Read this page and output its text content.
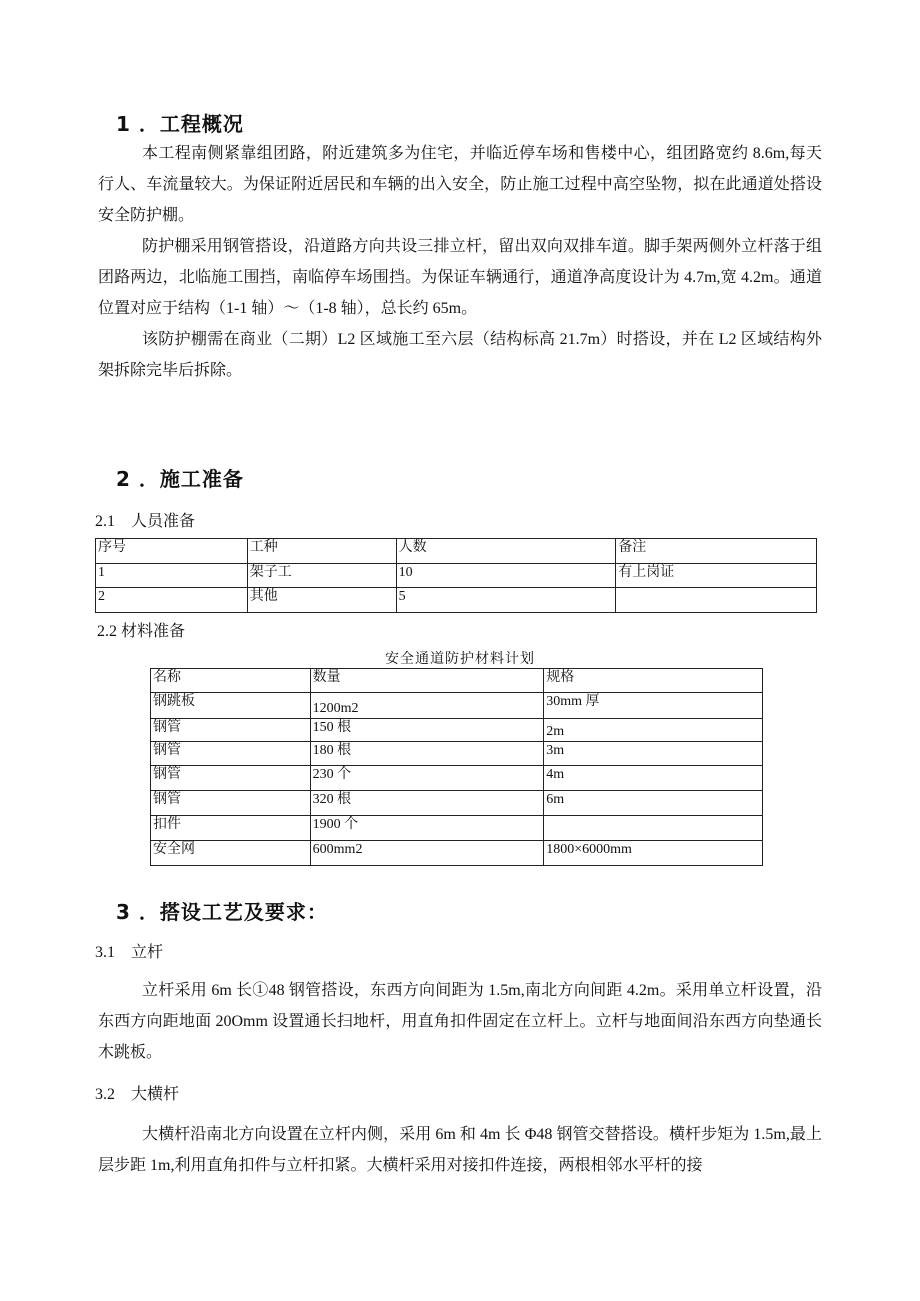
1 ．工程概况

本工程南侧紧靠组团路，附近建筑多为住宅，并临近停车场和售楼中心，组团路宽约 8.6m,每天行人、车流量较大。为保证附近居民和车辆的出入安全，防止施工过程中高空坠物，拟在此通道处搭设安全防护棚。

防护棚采用钢管搭设，沿道路方向共设三排立杆，留出双向双排车道。脚手架两侧外立杆落于组团路两边，北临施工围挡，南临停车场围挡。为保证车辆通行，通道净高度设计为 4.7m,宽 4.2m。通道位置对应于结构（1-1 轴）～（1-8 轴），总长约 65m。

该防护棚需在商业（二期）L2 区域施工至六层（结构标高 21.7m）时搭设，并在 L2 区域结构外架拆除完毕后拆除。

2 ．施工准备
2.1　人员准备
序号	工种	人数	备注
1	架子工	10	有上岗证
2	其他	5	
2.2 材料准备
安全通道防护材料计划
名称	数量	规格
钢跳板	1200m2	30mm 厚
钢管	150 根	2m
钢管	180 根	3m
钢管	230 个	4m
钢管	320 根	6m
扣件	1900 个	
安全网	600mm2	1800×6000mm
3 ．搭设工艺及要求：
3.1　立杆

立杆采用 6m 长①48 钢管搭设，东西方向间距为 1.5m,南北方向间距 4.2m。采用单立杆设置，沿东西方向距地面 20Omm 设置通长扫地杆，用直角扣件固定在立杆上。立杆与地面间沿东西方向垫通长木跳板。

3.2　大横杆

大横杆沿南北方向设置在立杆内侧，采用 6m 和 4m 长 Φ48 钢管交替搭设。横杆步矩为 1.5m,最上层步距 1m,利用直角扣件与立杆扣紧。大横杆采用对接扣件连接，两根相邻水平杆的接
